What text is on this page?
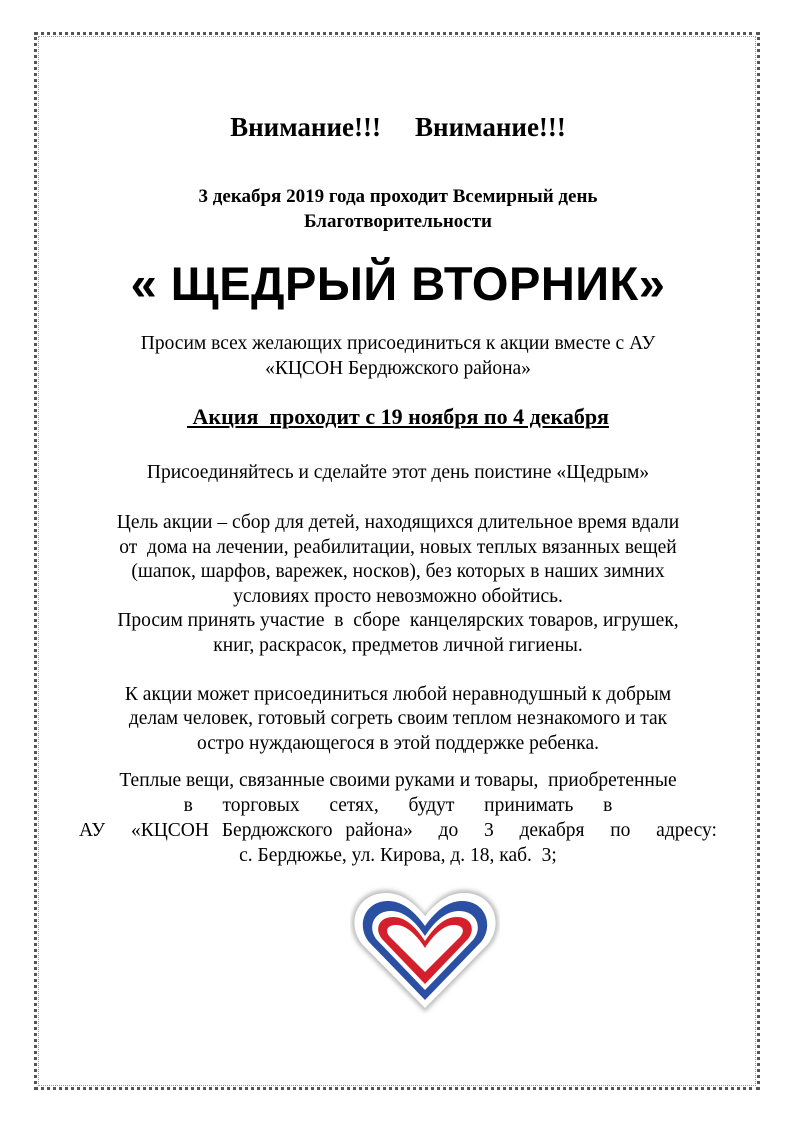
Внимание!!! Внимание!!!
3 декабря 2019 года проходит Всемирный день
Благотворительности
« ЩЕДРЫЙ ВТОРНИК»
Просим всех желающих присоединиться к акции вместе с АУ
«КЦСОН Бердюжского района»
Акция  проходит с 19 ноября по 4 декабря
Присоединяйтесь и сделайте этот день поистине «Щедрым»
Цель акции – сбор для детей, находящихся длительное время вдали
от  дома на лечении, реабилитации, новых теплых вязанных вещей
(шапок, шарфов, варежек, носков), без которых в наших зимних
условиях просто невозможно обойтись.
Просим принять участие  в  сборе  канцелярских товаров, игрушек,
книг, раскрасок, предметов личной гигиены.
К акции может присоединиться любой неравнодушный к добрым
делам человек, готовый согреть своим теплом незнакомого и так
остро нуждающегося в этой поддержке ребенка.
Теплые вещи, связанные своими руками и товары,  приобретенные
в  торговых  сетях,  будут  принимать  в
АУ  «КЦСОН Бердюжского района»  до  3  декабря  по  адресу:
с. Бердюжье, ул. Кирова, д. 18, каб.  3;
